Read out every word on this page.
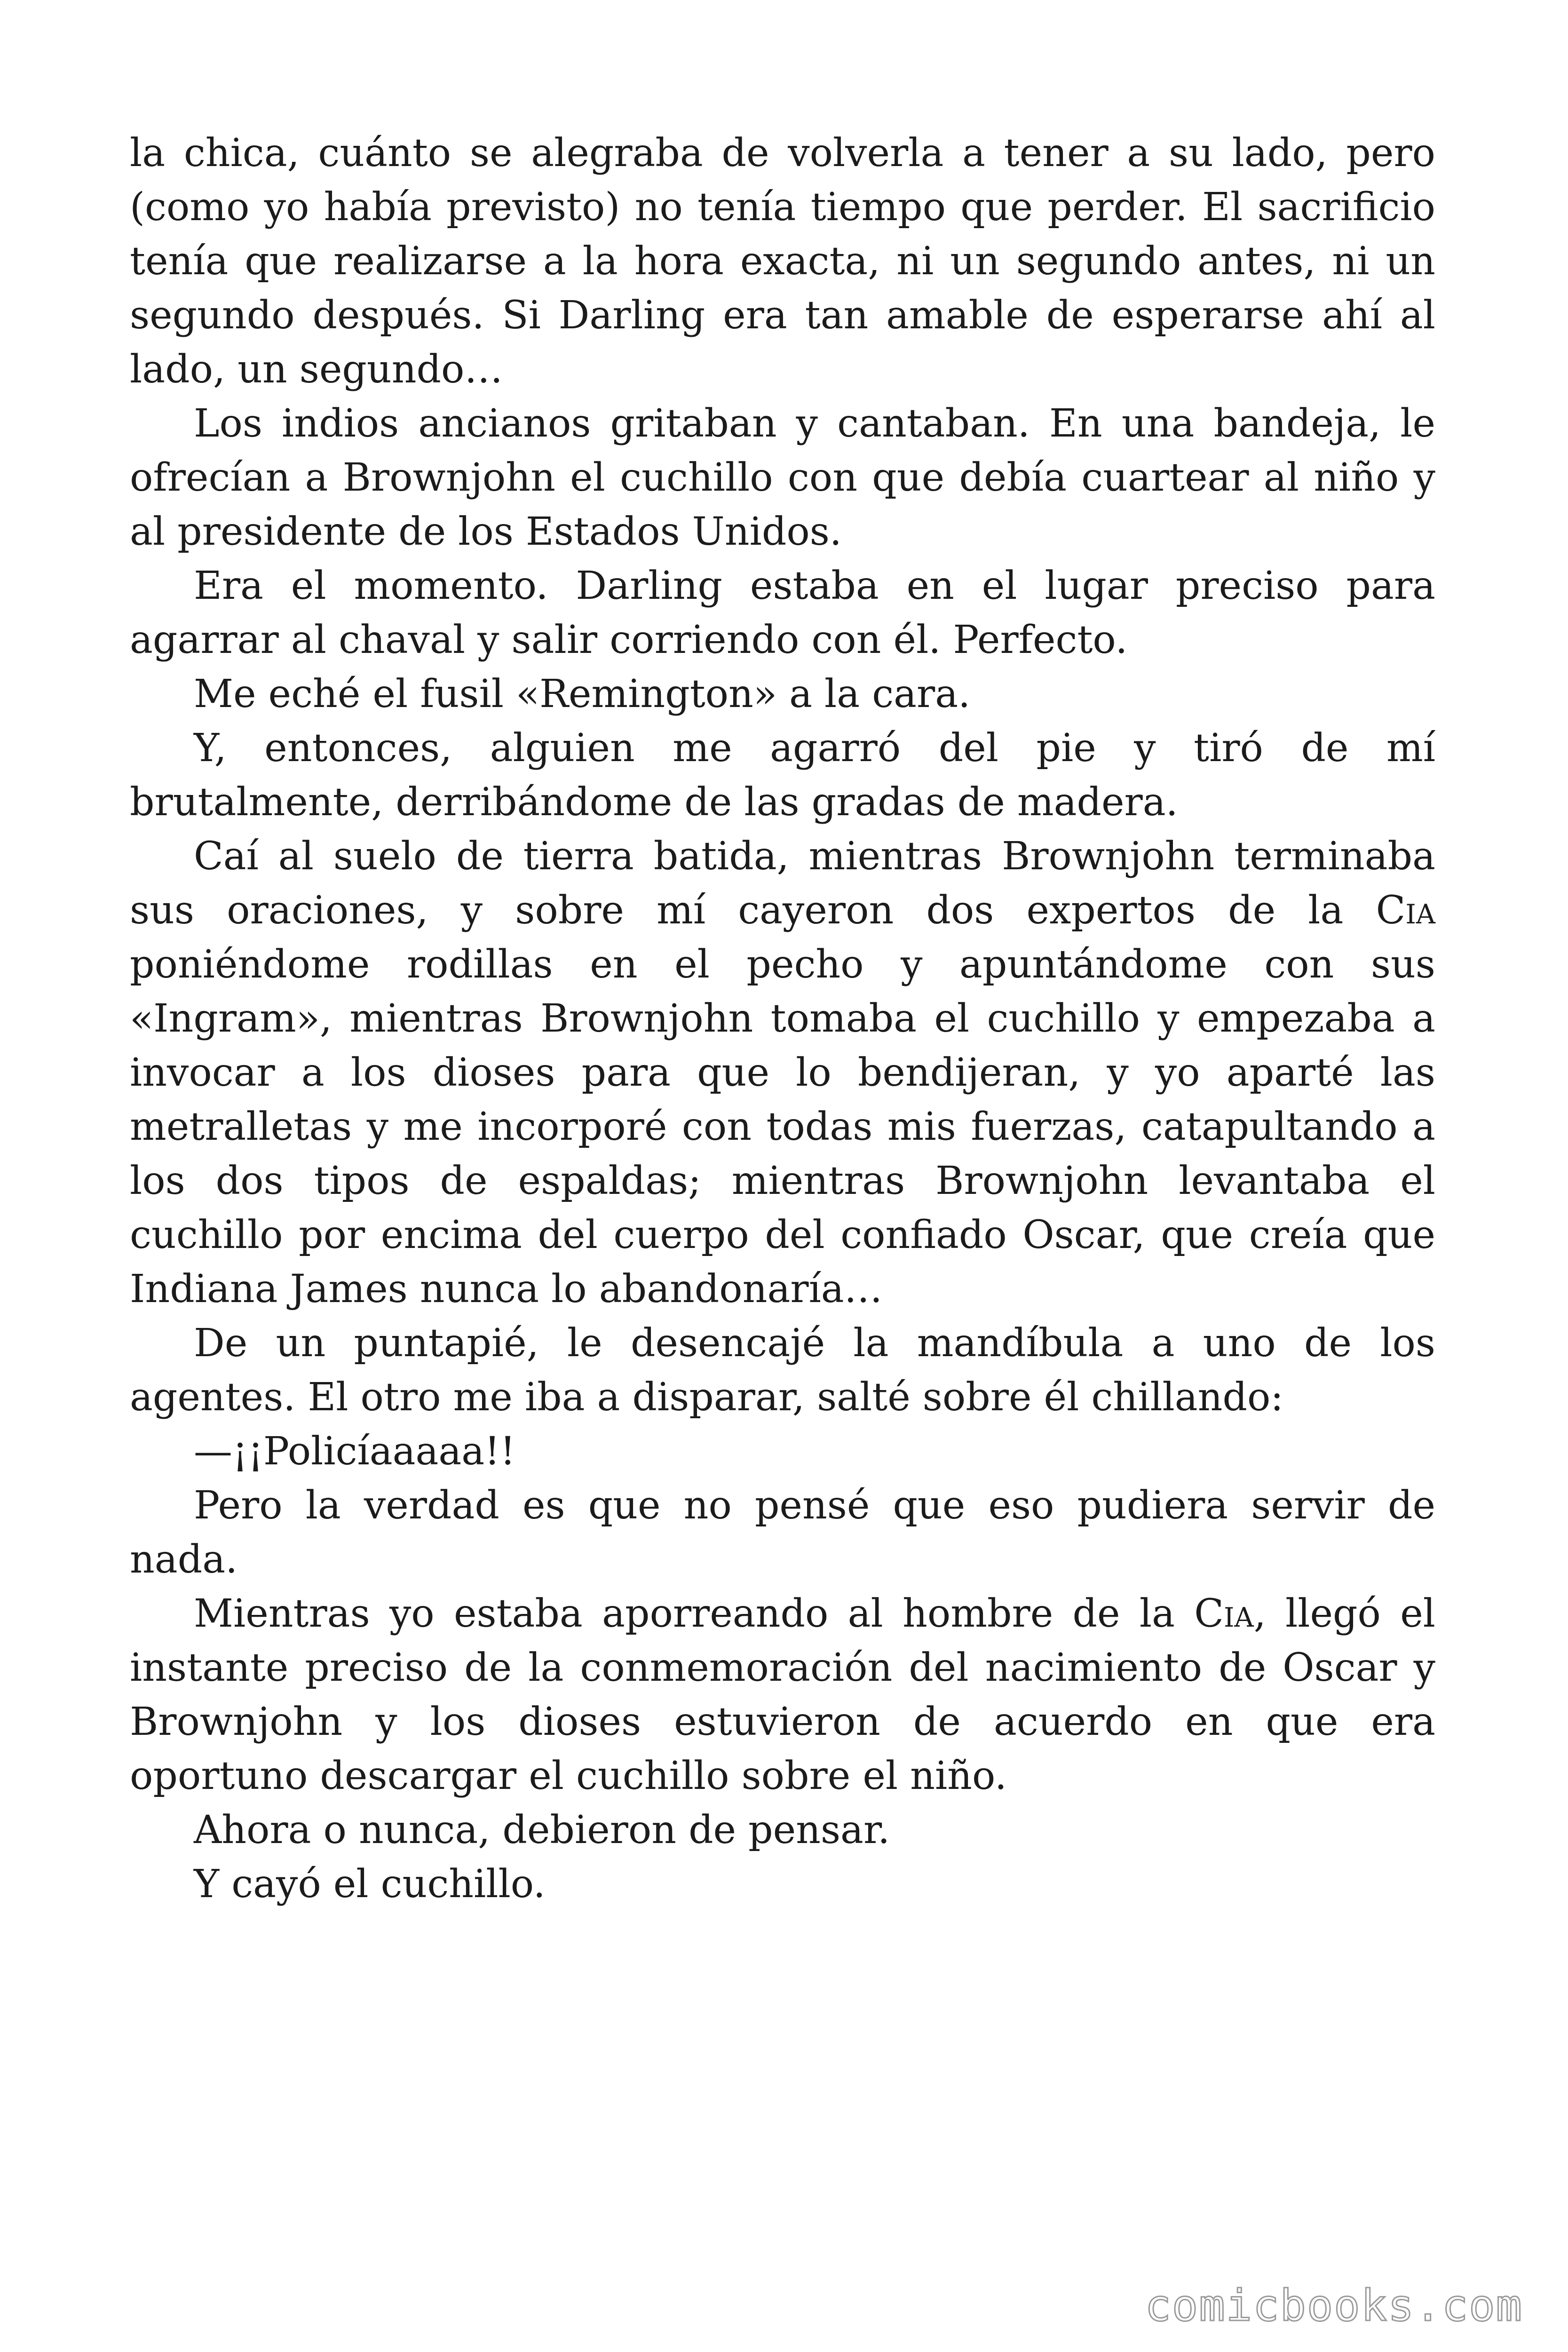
la chica, cuánto se alegraba de volverla a tener a su lado, pero (como yo había previsto) no tenía tiempo que perder. El sacrificio tenía que realizarse a la hora exacta, ni un segundo antes, ni un segundo después. Si Darling era tan amable de esperarse ahí al lado, un segundo…

Los indios ancianos gritaban y cantaban. En una bandeja, le ofrecían a Brownjohn el cuchillo con que debía cuartear al niño y al presidente de los Estados Unidos.

Era el momento. Darling estaba en el lugar preciso para agarrar al chaval y salir corriendo con él. Perfecto.

Me eché el fusil «Remington» a la cara.

Y, entonces, alguien me agarró del pie y tiró de mí brutalmente, derribándome de las gradas de madera.

Caí al suelo de tierra batida, mientras Brownjohn terminaba sus oraciones, y sobre mí cayeron dos expertos de la Cia poniéndome rodillas en el pecho y apuntándome con sus «Ingram», mientras Brownjohn tomaba el cuchillo y empezaba a invocar a los dioses para que lo bendijeran, y yo aparté las metralletas y me incorporé con todas mis fuerzas, catapultando a los dos tipos de espaldas; mientras Brownjohn levantaba el cuchillo por encima del cuerpo del confiado Oscar, que creía que Indiana James nunca lo abandonaría…

De un puntapié, le desencajé la mandíbula a uno de los agentes. El otro me iba a disparar, salté sobre él chillando:

—¡¡Policíaaaaa!!

Pero la verdad es que no pensé que eso pudiera servir de nada.

Mientras yo estaba aporreando al hombre de la Cia, llegó el instante preciso de la conmemoración del nacimiento de Oscar y Brownjohn y los dioses estuvieron de acuerdo en que era oportuno descargar el cuchillo sobre el niño.

Ahora o nunca, debieron de pensar.

Y cayó el cuchillo.

comicbooks.com
